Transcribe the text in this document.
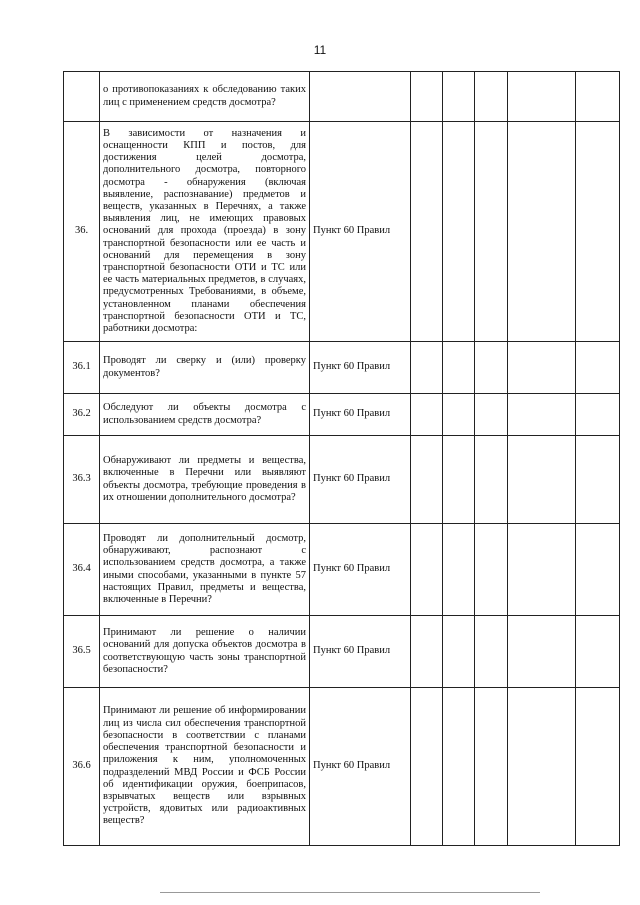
11
	о противопоказаниях к обследованию таких лиц с применением средств досмотра?						
36.	В зависимости от назначения и оснащенности КПП и постов, для достижения целей досмотра, дополнительного досмотра, повторного досмотра - обнаружения (включая выявление, распознавание) предметов и веществ, указанных в Перечнях, а также выявления лиц, не имеющих правовых оснований для прохода (проезда) в зону транспортной безопасности или ее часть и оснований для перемещения в зону транспортной безопасности ОТИ и ТС или ее часть материальных предметов, в случаях, предусмотренных Требованиями, в объеме, установленном планами обеспечения транспортной безопасности ОТИ и ТС, работники досмотра:	Пункт 60 Правил					
36.1	Проводят ли сверку и (или) проверку документов?	Пункт 60 Правил					
36.2	Обследуют ли объекты досмотра с использованием средств досмотра?	Пункт 60 Правил					
36.3	Обнаруживают ли предметы и вещества, включенные в Перечни или выявляют объекты досмотра, требующие проведения в их отношении дополнительного досмотра?	Пункт 60 Правил					
36.4	Проводят ли дополнительный досмотр, обнаруживают, распознают с использованием средств досмотра, а также иными способами, указанными в пункте 57 настоящих Правил, предметы и вещества, включенные в Перечни?	Пункт 60 Правил					
36.5	Принимают ли решение о наличии оснований для допуска объектов досмотра в соответствующую часть зоны транспортной безопасности?	Пункт 60 Правил					
36.6	Принимают ли решение об информировании лиц из числа сил обеспечения транспортной безопасности в соответствии с планами обеспечения транспортной безопасности и приложения к ним, уполномоченных подразделений МВД России и ФСБ России об идентификации оружия, боеприпасов, взрывчатых веществ или взрывных устройств, ядовитых или радиоактивных веществ?	Пункт 60 Правил					
